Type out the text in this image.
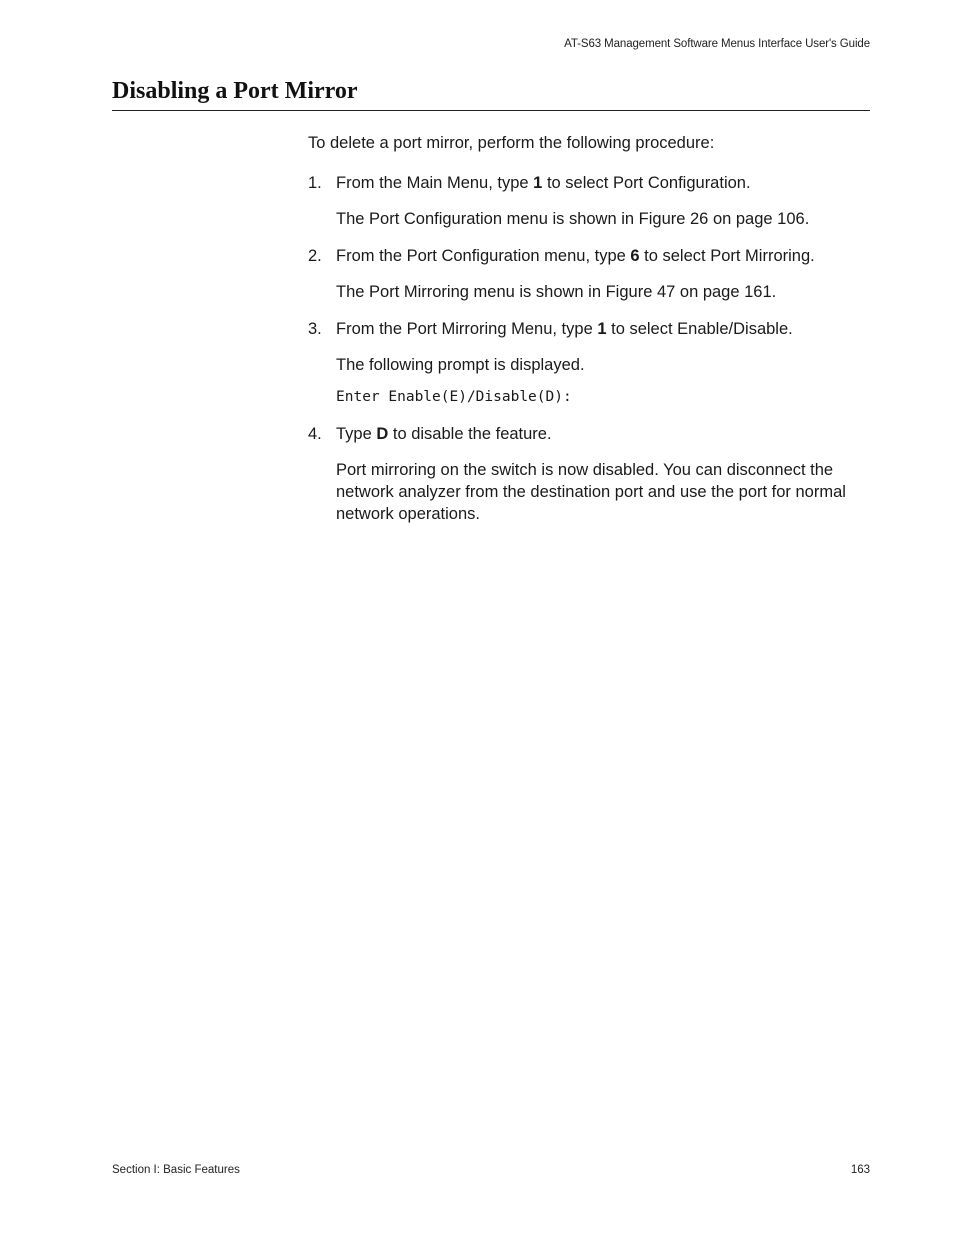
AT-S63 Management Software Menus Interface User's Guide
Disabling a Port Mirror

To delete a port mirror, perform the following procedure:

1. From the Main Menu, type 1 to select Port Configuration.

The Port Configuration menu is shown in Figure 26 on page 106.

2. From the Port Configuration menu, type 6 to select Port Mirroring.

The Port Mirroring menu is shown in Figure 47 on page 161.

3. From the Port Mirroring Menu, type 1 to select Enable/Disable.

The following prompt is displayed.

Enter Enable(E)/Disable(D):

4. Type D to disable the feature.

Port mirroring on the switch is now disabled. You can disconnect the network analyzer from the destination port and use the port for normal network operations.

Section I: Basic Features	163
